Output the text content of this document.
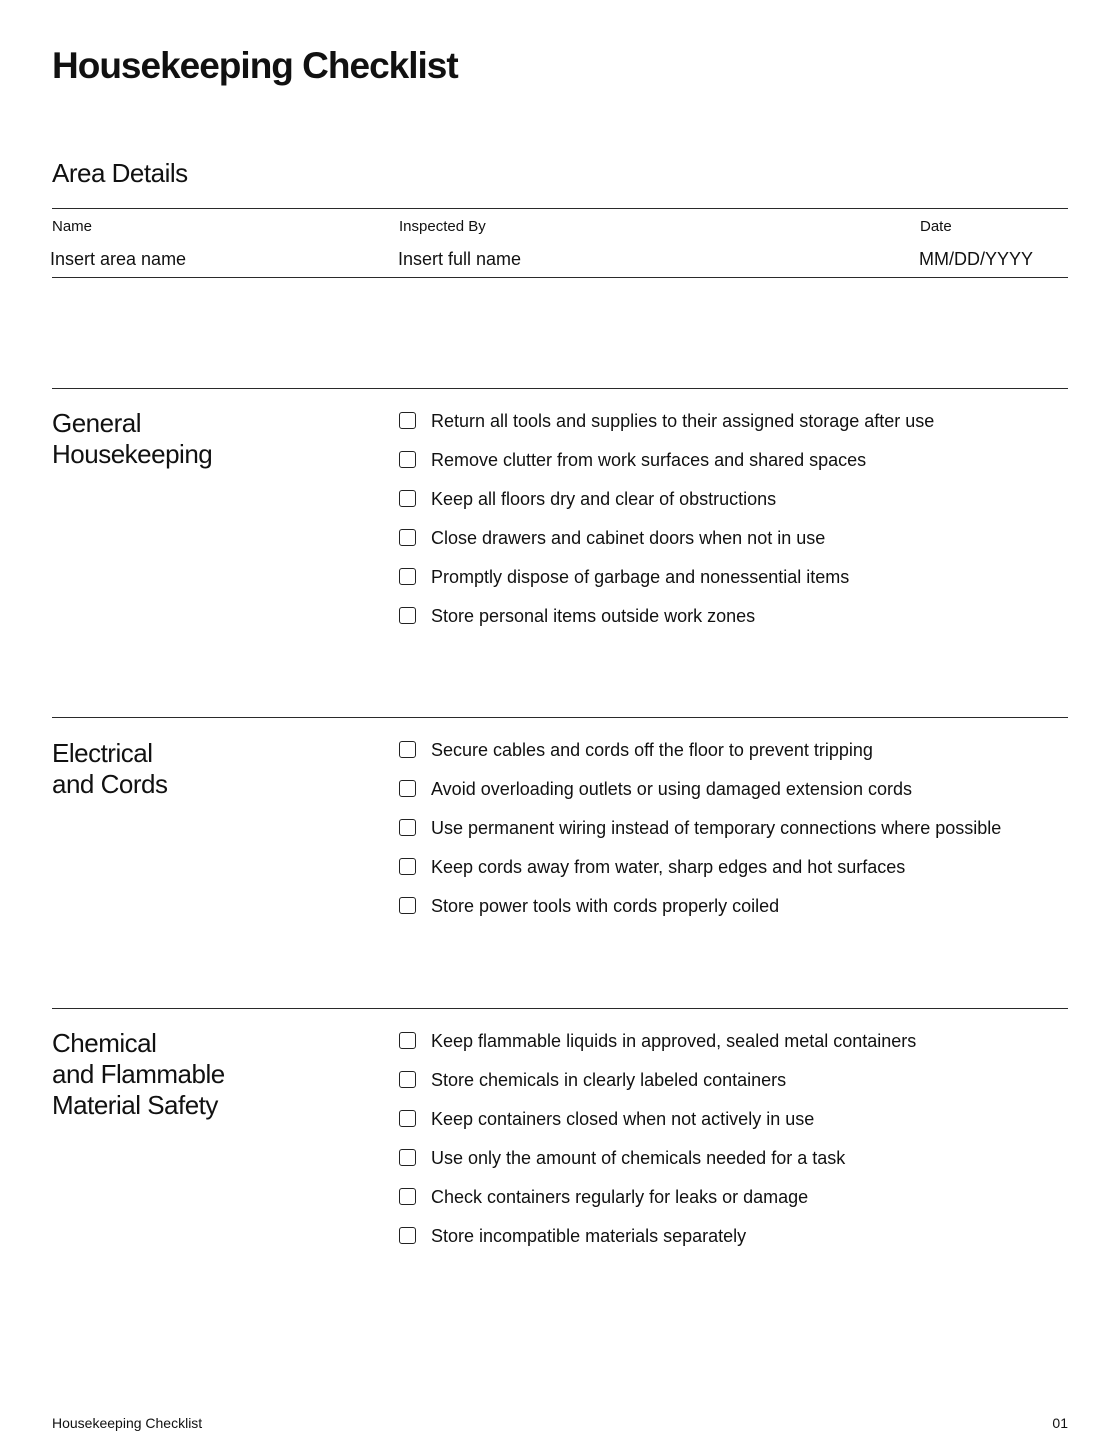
Housekeeping Checklist
Area Details
Name	Inspected By	Date
Insert area name	Insert full name	MM/DD/YYYY
General
Housekeeping
Return all tools and supplies to their assigned storage after use
Remove clutter from work surfaces and shared spaces
Keep all floors dry and clear of obstructions
Close drawers and cabinet doors when not in use
Promptly dispose of garbage and nonessential items
Store personal items outside work zones
Electrical
and Cords
Secure cables and cords off the floor to prevent tripping
Avoid overloading outlets or using damaged extension cords
Use permanent wiring instead of temporary connections where possible
Keep cords away from water, sharp edges and hot surfaces
Store power tools with cords properly coiled
Chemical
and Flammable
Material Safety
Keep flammable liquids in approved, sealed metal containers
Store chemicals in clearly labeled containers
Keep containers closed when not actively in use
Use only the amount of chemicals needed for a task
Check containers regularly for leaks or damage
Store incompatible materials separately
Housekeeping Checklist	01
